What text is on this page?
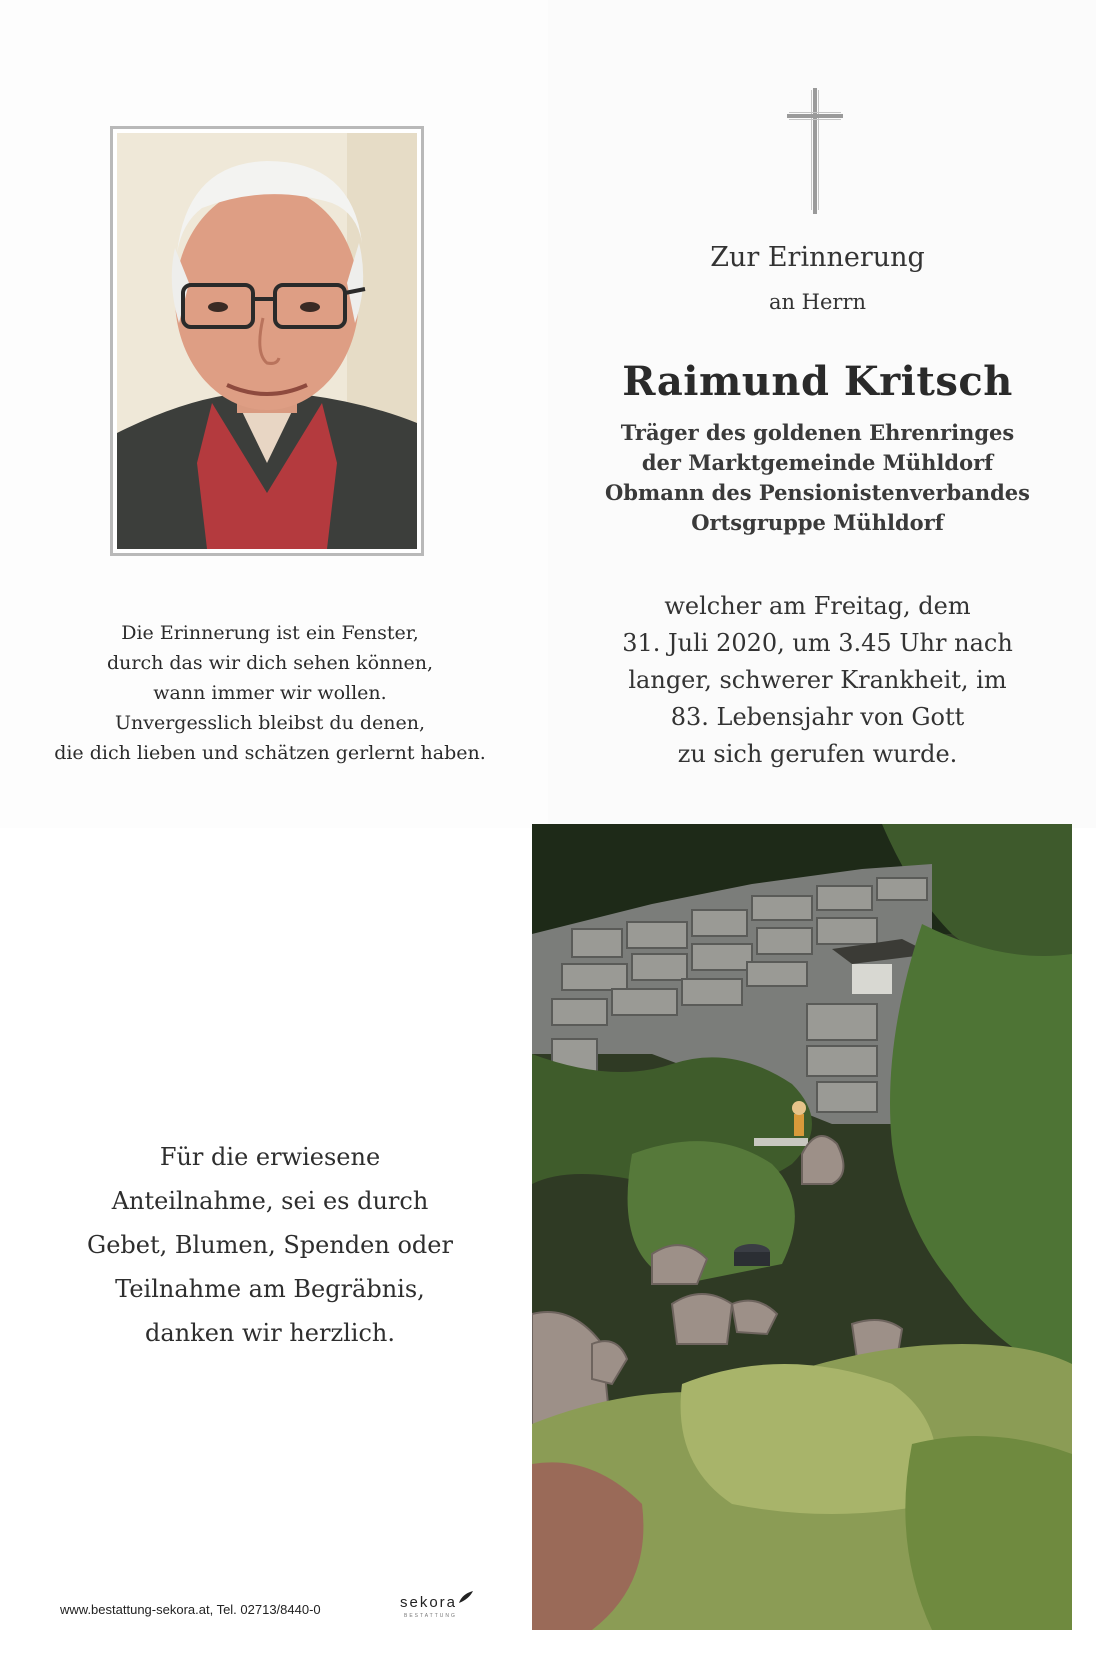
Die Erinnerung ist ein Fenster,
durch das wir dich sehen können,
wann immer wir wollen.
Unvergesslich bleibst du denen,
die dich lieben und schätzen gerlernt haben.
Zur Erinnerung
an Herrn
Raimund Kritsch
Träger des goldenen Ehrenringes
der Marktgemeinde Mühldorf
Obmann des Pensionistenverbandes
Ortsgruppe Mühldorf
welcher am Freitag, dem
31. Juli 2020, um 3.45 Uhr nach
langer, schwerer Krankheit, im
83. Lebensjahr von Gott
zu sich gerufen wurde.
Für die erwiesene
Anteilnahme, sei es durch
Gebet, Blumen, Spenden oder
Teilnahme am Begräbnis,
danken wir herzlich.
www.bestattung-sekora.at, Tel. 02713/8440-0	sekora
BESTATTUNG
